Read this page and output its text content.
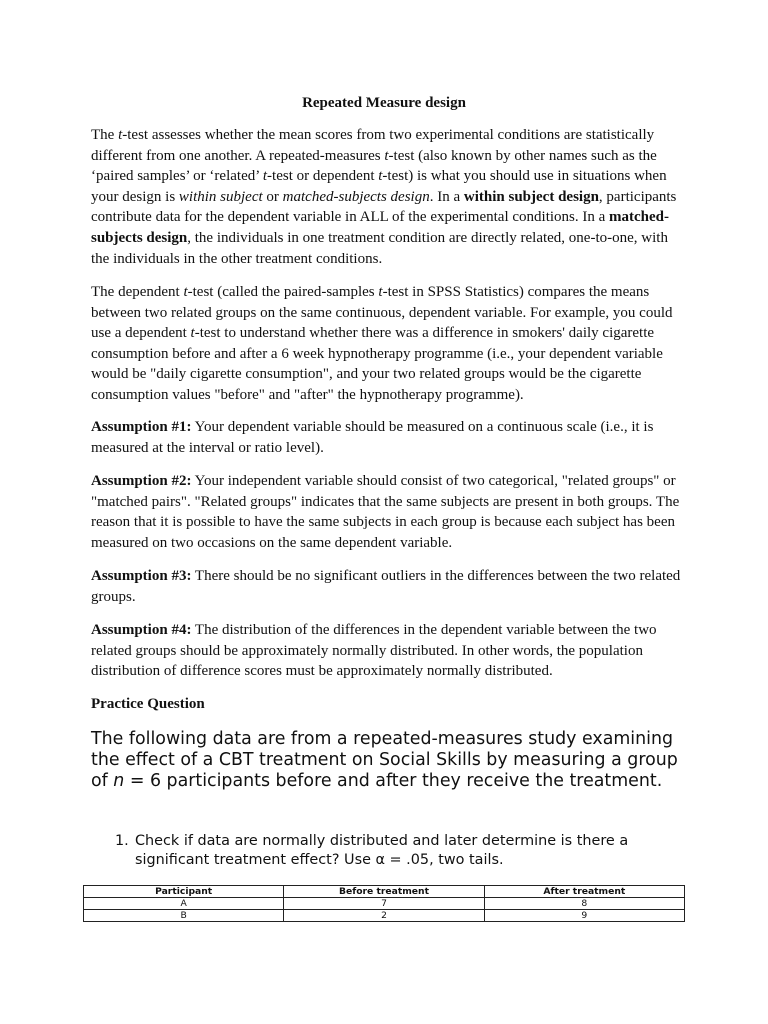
Repeated Measure design

The t-test assesses whether the mean scores from two experimental conditions are statistically different from one another. A repeated-measures t-test (also known by other names such as the ‘paired samples’ or ‘related’ t-test or dependent t-test) is what you should use in situations when your design is within subject or matched-subjects design. In a within subject design, participants contribute data for the dependent variable in ALL of the experimental conditions. In a matched-subjects design, the individuals in one treatment condition are directly related, one-to-one, with the individuals in the other treatment conditions.

The dependent t-test (called the paired-samples t-test in SPSS Statistics) compares the means between two related groups on the same continuous, dependent variable. For example, you could use a dependent t-test to understand whether there was a difference in smokers' daily cigarette consumption before and after a 6 week hypnotherapy programme (i.e., your dependent variable would be "daily cigarette consumption", and your two related groups would be the cigarette consumption values "before" and "after" the hypnotherapy programme).

Assumption #1: Your dependent variable should be measured on a continuous scale (i.e., it is measured at the interval or ratio level).

Assumption #2: Your independent variable should consist of two categorical, "related groups" or "matched pairs". "Related groups" indicates that the same subjects are present in both groups. The reason that it is possible to have the same subjects in each group is because each subject has been measured on two occasions on the same dependent variable.

Assumption #3: There should be no significant outliers in the differences between the two related groups.

Assumption #4: The distribution of the differences in the dependent variable between the two related groups should be approximately normally distributed. In other words, the population distribution of difference scores must be approximately normally distributed.

Practice Question

The following data are from a repeated-measures study examining the effect of a CBT treatment on Social Skills by measuring a group of n = 6 participants before and after they receive the treatment.

1. Check if data are normally distributed and later determine is there a significant treatment effect? Use α = .05, two tails.
Participant	Before treatment	After treatment
A	7	8
B	2	9
